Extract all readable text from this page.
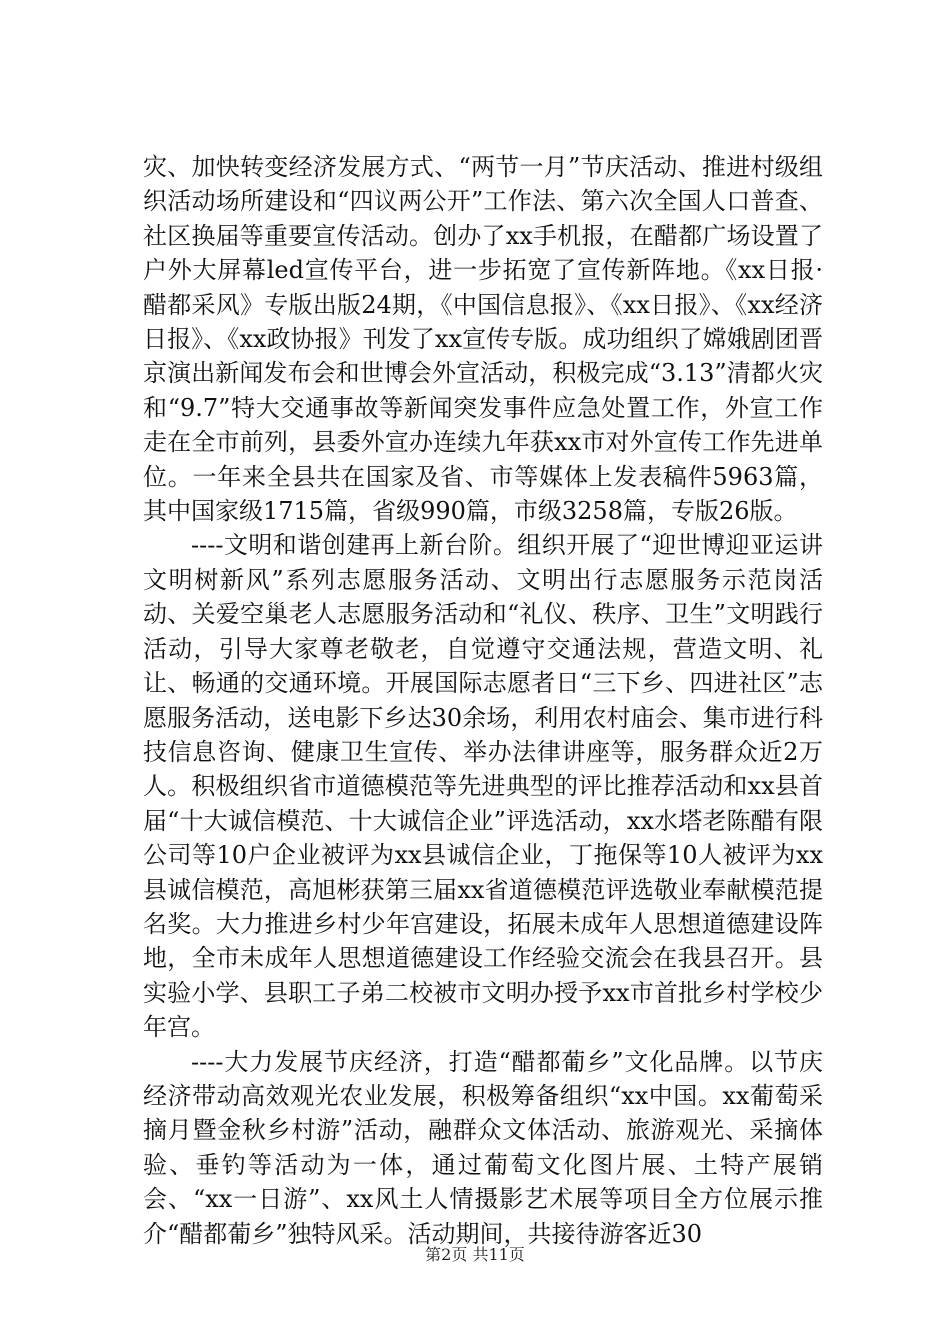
灾、加快转变经济发展方式、“两节一月”节庆活动、推进村级组织活动场所建设和“四议两公开”工作法、第六次全国人口普查、社区换届等重要宣传活动。创办了xx手机报，在醋都广场设置了户外大屏幕led宣传平台，进一步拓宽了宣传新阵地。《xx日报·醋都采风》专版出版24期，《中国信息报》、《xx日报》、《xx经济日报》、《xx政协报》刊发了xx宣传专版。成功组织了嫦娥剧团晋京演出新闻发布会和世博会外宣活动，积极完成“3.13”清都火灾和“9.7”特大交通事故等新闻突发事件应急处置工作，外宣工作走在全市前列，县委外宣办连续九年获xx市对外宣传工作先进单位。一年来全县共在国家及省、市等媒体上发表稿件5963篇，其中国家级1715篇，省级990篇，市级3258篇，专版26版。

----文明和谐创建再上新台阶。组织开展了“迎世博迎亚运讲文明树新风”系列志愿服务活动、文明出行志愿服务示范岗活动、关爱空巢老人志愿服务活动和“礼仪、秩序、卫生”文明践行活动，引导大家尊老敬老，自觉遵守交通法规，营造文明、礼让、畅通的交通环境。开展国际志愿者日“三下乡、四进社区”志愿服务活动，送电影下乡达30余场，利用农村庙会、集市进行科技信息咨询、健康卫生宣传、举办法律讲座等，服务群众近2万人。积极组织省市道德模范等先进典型的评比推荐活动和xx县首届“十大诚信模范、十大诚信企业”评选活动，xx水塔老陈醋有限公司等10户企业被评为xx县诚信企业，丁拖保等10人被评为xx县诚信模范，高旭彬获第三届xx省道德模范评选敬业奉献模范提名奖。大力推进乡村少年宫建设，拓展未成年人思想道德建设阵地，全市未成年人思想道德建设工作经验交流会在我县召开。县实验小学、县职工子弟二校被市文明办授予xx市首批乡村学校少年宫。

----大力发展节庆经济，打造“醋都葡乡”文化品牌。以节庆经济带动高效观光农业发展，积极筹备组织“xx中国。xx葡萄采摘月暨金秋乡村游”活动，融群众文体活动、旅游观光、采摘体验、垂钓等活动为一体，通过葡萄文化图片展、土特产展销会、“xx一日游”、xx风土人情摄影艺术展等项目全方位展示推介“醋都葡乡”独特风采。活动期间，共接待游客近30

第2页 共11页
